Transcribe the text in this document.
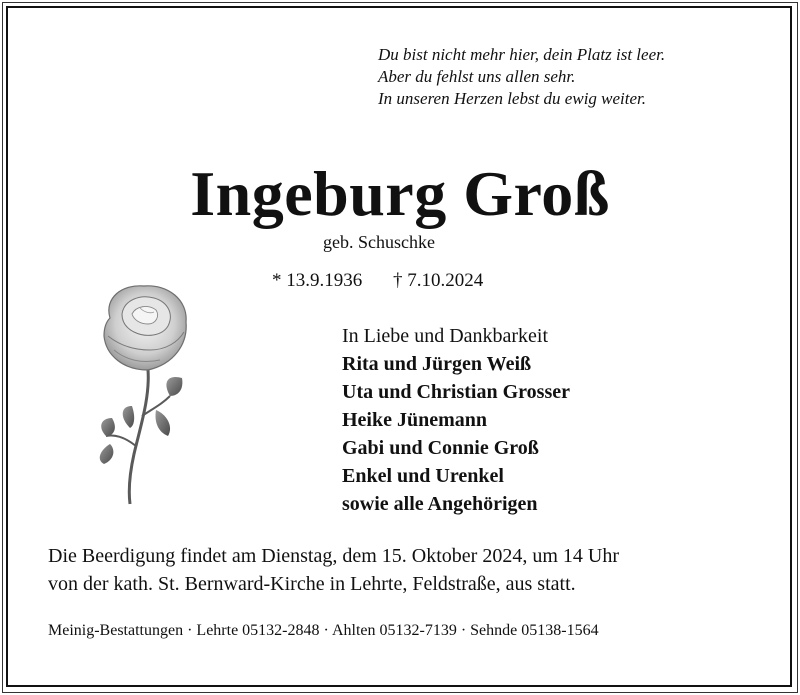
Du bist nicht mehr hier, dein Platz ist leer.
Aber du fehlst uns allen sehr.
In unseren Herzen lebst du ewig weiter.
Ingeburg Groß
geb. Schuschke
* 13.9.1936 † 7.10.2024
In Liebe und Dankbarkeit
Rita und Jürgen Weiß
Uta und Christian Grosser
Heike Jünemann
Gabi und Connie Groß
Enkel und Urenkel
sowie alle Angehörigen
Die Beerdigung findet am Dienstag, dem 15. Oktober 2024, um 14 Uhr
von der kath. St. Bernward-Kirche in Lehrte, Feldstraße, aus statt.
Meinig-Bestattungen · Lehrte 05132-2848 · Ahlten 05132-7139 · Sehnde 05138-1564
